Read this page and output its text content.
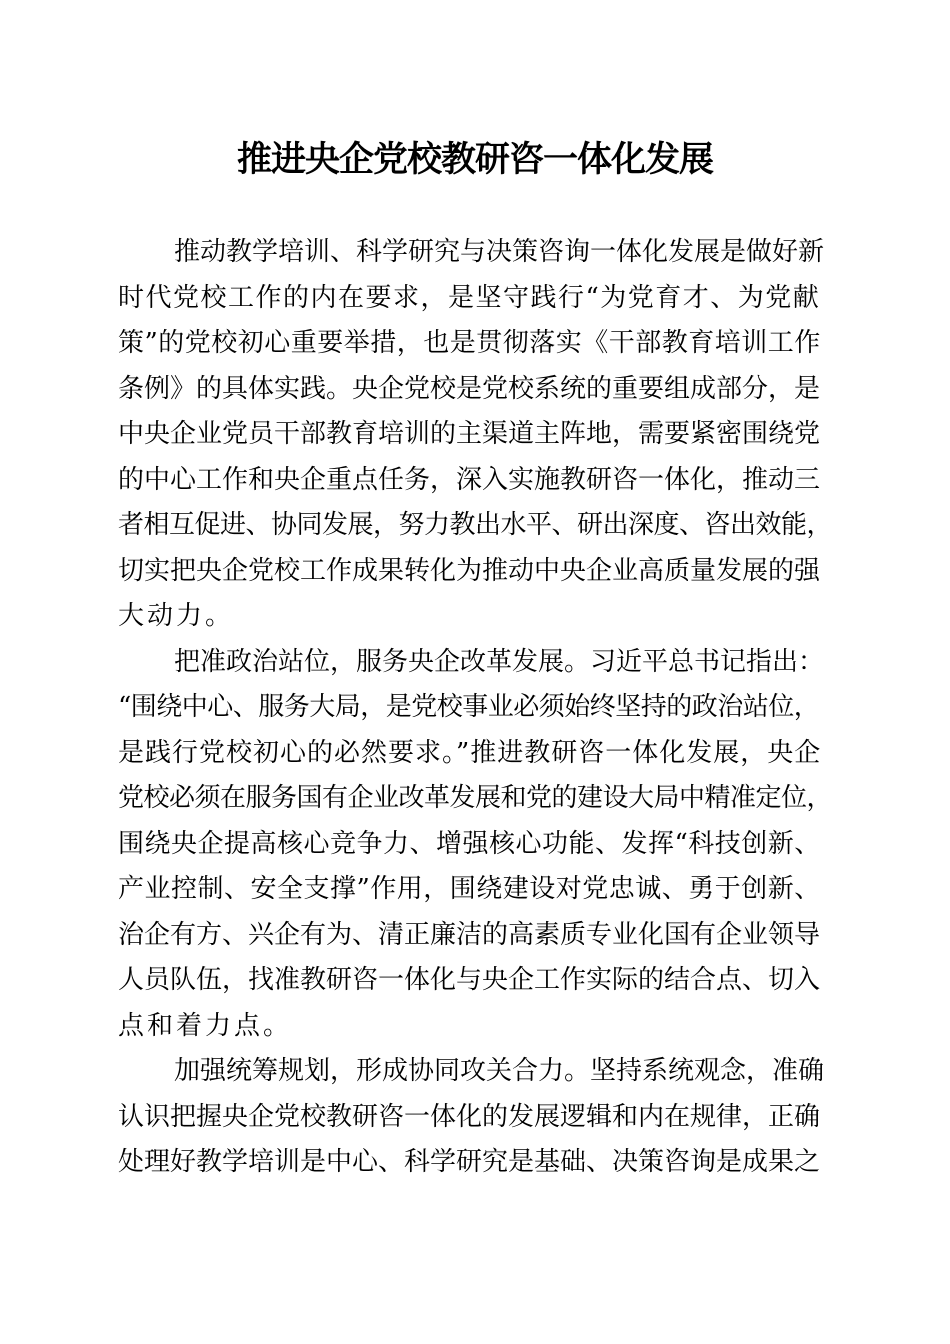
推进央企党校教研咨一体化发展
推动教学培训、科学研究与决策咨询一体化发展是做好新
时代党校工作的内在要求，是坚守践行“为党育才、为党献
策”的党校初心重要举措，也是贯彻落实《干部教育培训工作
条例》的具体实践。央企党校是党校系统的重要组成部分，是
中央企业党员干部教育培训的主渠道主阵地，需要紧密围绕党
的中心工作和央企重点任务，深入实施教研咨一体化，推动三
者相互促进、协同发展，努力教出水平、研出深度、咨出效能，
切实把央企党校工作成果转化为推动中央企业高质量发展的强
大动力。
把准政治站位，服务央企改革发展。习近平总书记指出：
“围绕中心、服务大局，是党校事业必须始终坚持的政治站位，
是践行党校初心的必然要求。”推进教研咨一体化发展，央企
党校必须在服务国有企业改革发展和党的建设大局中精准定位，
围绕央企提高核心竞争力、增强核心功能、发挥“科技创新、
产业控制、安全支撑”作用，围绕建设对党忠诚、勇于创新、
治企有方、兴企有为、清正廉洁的高素质专业化国有企业领导
人员队伍，找准教研咨一体化与央企工作实际的结合点、切入
点和着力点。
加强统筹规划，形成协同攻关合力。坚持系统观念，准确
认识把握央企党校教研咨一体化的发展逻辑和内在规律，正确
处理好教学培训是中心、科学研究是基础、决策咨询是成果之
